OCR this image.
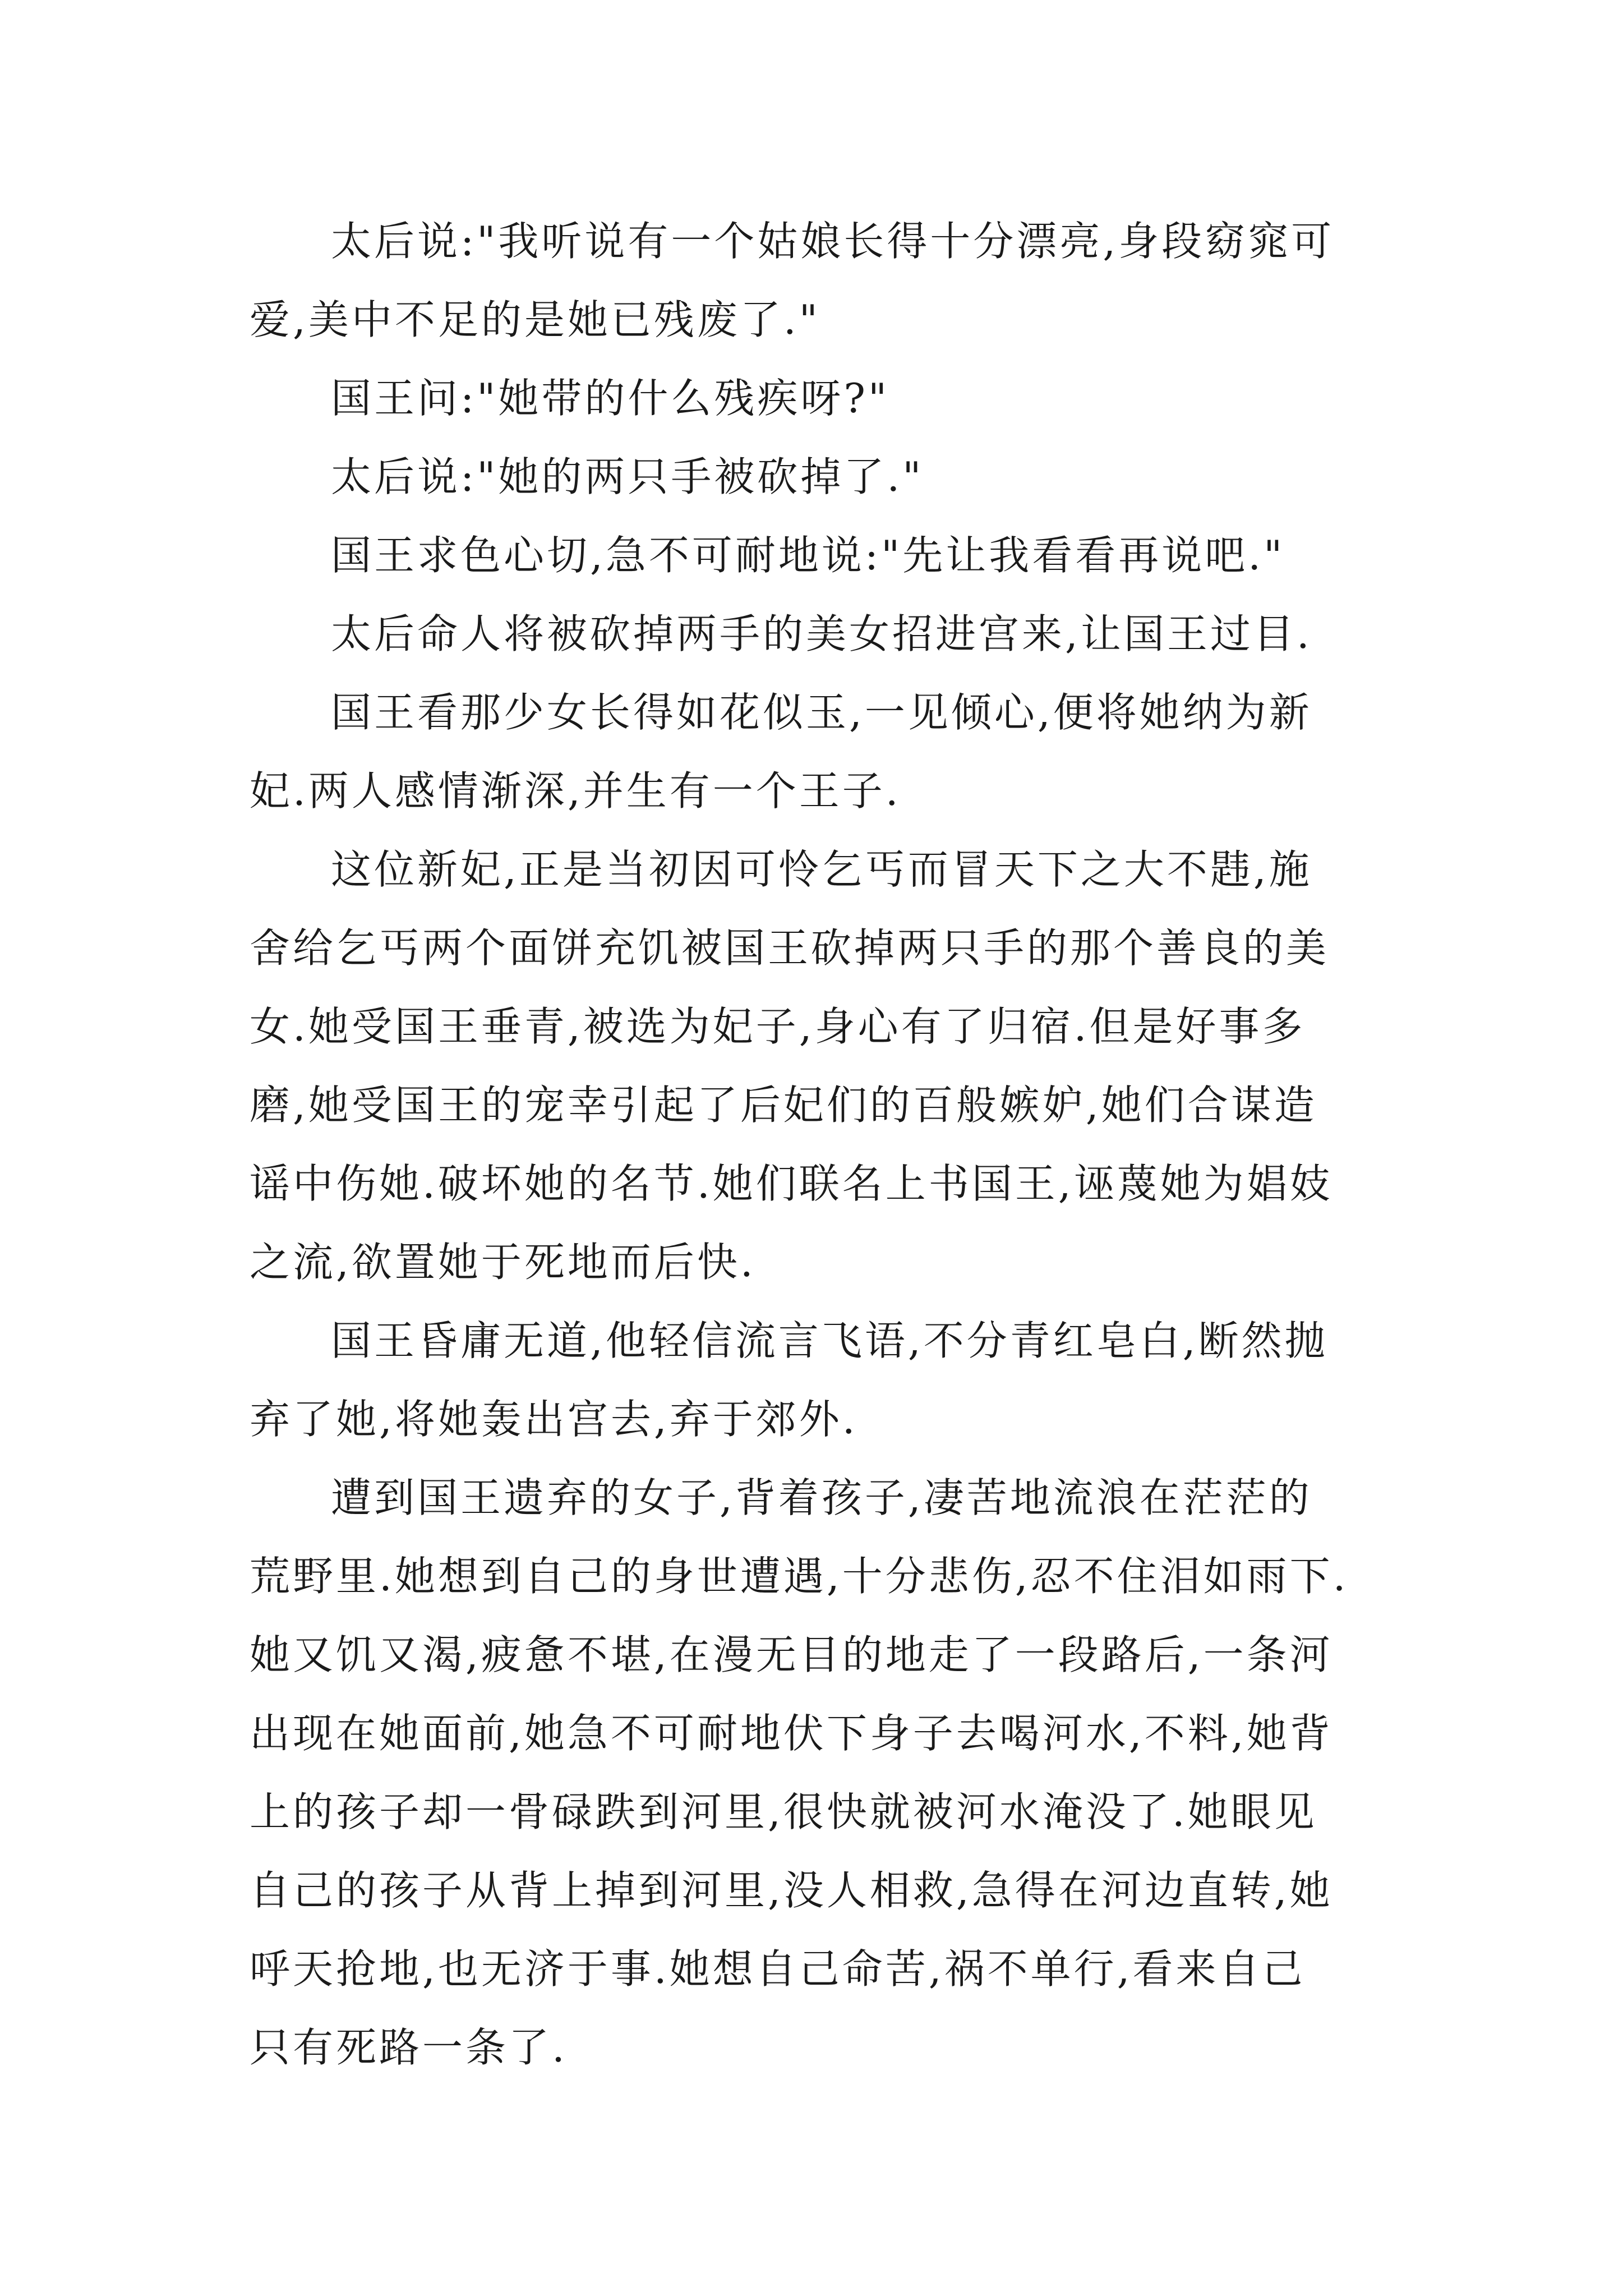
太后说:"我听说有一个姑娘长得十分漂亮,身段窈窕可
爱,美中不足的是她已残废了."
国王问:"她带的什么残疾呀?"
太后说:"她的两只手被砍掉了."
国王求色心切,急不可耐地说:"先让我看看再说吧."
太后命人将被砍掉两手的美女招进宫来,让国王过目.
国王看那少女长得如花似玉,一见倾心,便将她纳为新
妃.两人感情渐深,并生有一个王子.
这位新妃,正是当初因可怜乞丐而冒天下之大不韪,施
舍给乞丐两个面饼充饥被国王砍掉两只手的那个善良的美
女.她受国王垂青,被选为妃子,身心有了归宿.但是好事多
磨,她受国王的宠幸引起了后妃们的百般嫉妒,她们合谋造
谣中伤她.破坏她的名节.她们联名上书国王,诬蔑她为娼妓
之流,欲置她于死地而后快.
国王昏庸无道,他轻信流言飞语,不分青红皂白,断然抛
弃了她,将她轰出宫去,弃于郊外.
遭到国王遗弃的女子,背着孩子,凄苦地流浪在茫茫的
荒野里.她想到自己的身世遭遇,十分悲伤,忍不住泪如雨下.
她又饥又渴,疲惫不堪,在漫无目的地走了一段路后,一条河
出现在她面前,她急不可耐地伏下身子去喝河水,不料,她背
上的孩子却一骨碌跌到河里,很快就被河水淹没了.她眼见
自己的孩子从背上掉到河里,没人相救,急得在河边直转,她
呼天抢地,也无济于事.她想自己命苦,祸不单行,看来自己
只有死路一条了.
